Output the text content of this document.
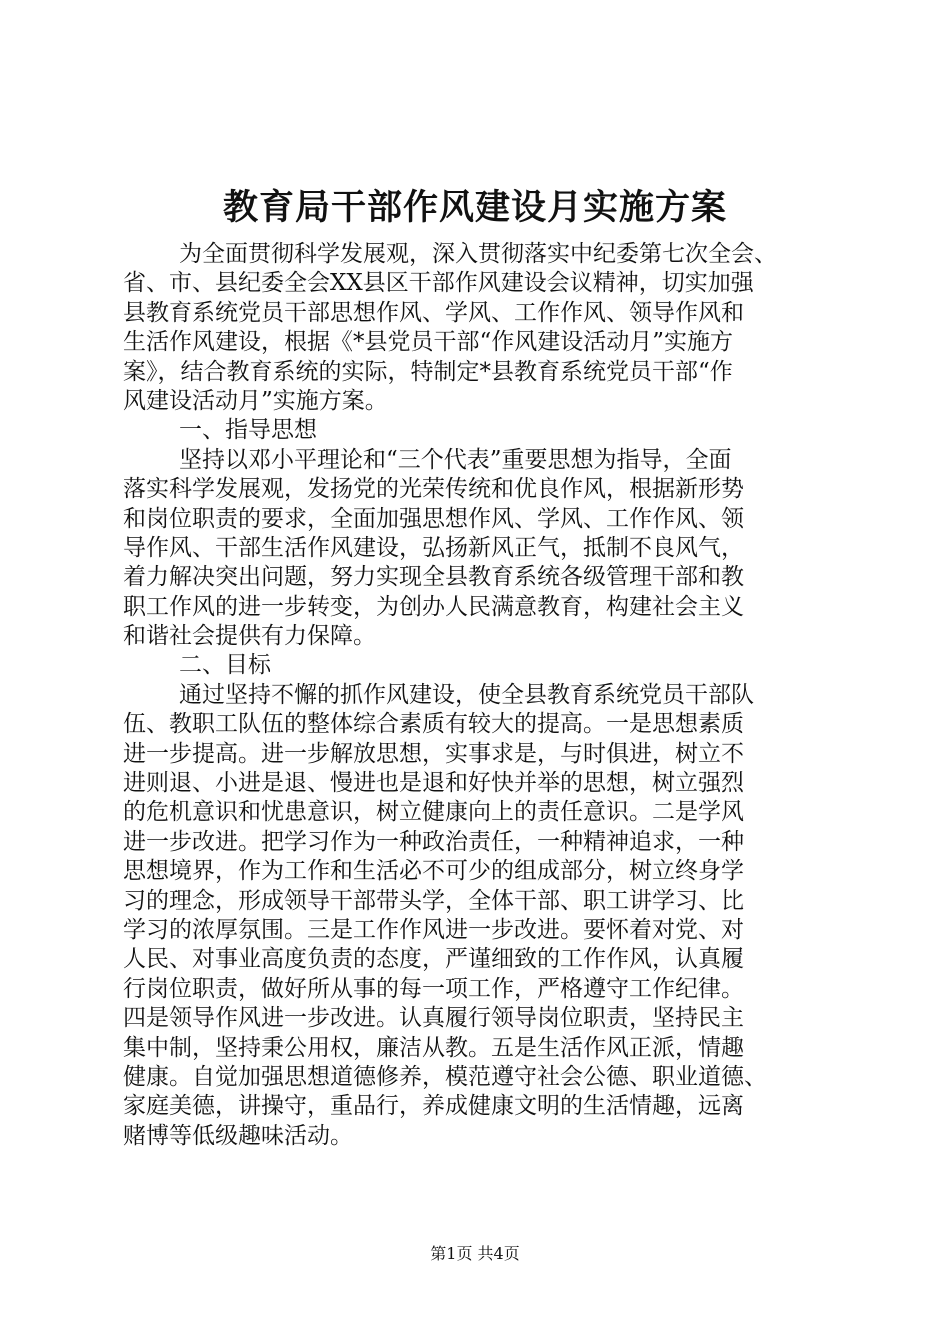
教育局干部作风建设月实施方案
为全面贯彻科学发展观，深入贯彻落实中纪委第七次全会、
省、市、县纪委全会XX县区干部作风建设会议精神，切实加强
县教育系统党员干部思想作风、学风、工作作风、领导作风和
生活作风建设，根据《*县党员干部“作风建设活动月”实施方
案》，结合教育系统的实际，特制定*县教育系统党员干部“作
风建设活动月”实施方案。
一、指导思想
坚持以邓小平理论和“三个代表”重要思想为指导，全面
落实科学发展观，发扬党的光荣传统和优良作风，根据新形势
和岗位职责的要求，全面加强思想作风、学风、工作作风、领
导作风、干部生活作风建设，弘扬新风正气，抵制不良风气，
着力解决突出问题，努力实现全县教育系统各级管理干部和教
职工作风的进一步转变，为创办人民满意教育，构建社会主义
和谐社会提供有力保障。
二、目标
通过坚持不懈的抓作风建设，使全县教育系统党员干部队
伍、教职工队伍的整体综合素质有较大的提高。一是思想素质
进一步提高。进一步解放思想，实事求是，与时俱进，树立不
进则退、小进是退、慢进也是退和好快并举的思想，树立强烈
的危机意识和忧患意识，树立健康向上的责任意识。二是学风
进一步改进。把学习作为一种政治责任，一种精神追求，一种
思想境界，作为工作和生活必不可少的组成部分，树立终身学
习的理念，形成领导干部带头学，全体干部、职工讲学习、比
学习的浓厚氛围。三是工作作风进一步改进。要怀着对党、对
人民、对事业高度负责的态度，严谨细致的工作作风，认真履
行岗位职责，做好所从事的每一项工作，严格遵守工作纪律。
四是领导作风进一步改进。认真履行领导岗位职责，坚持民主
集中制，坚持秉公用权，廉洁从教。五是生活作风正派，情趣
健康。自觉加强思想道德修养，模范遵守社会公德、职业道德、
家庭美德，讲操守，重品行，养成健康文明的生活情趣，远离
赌博等低级趣味活动。
第1页 共4页
